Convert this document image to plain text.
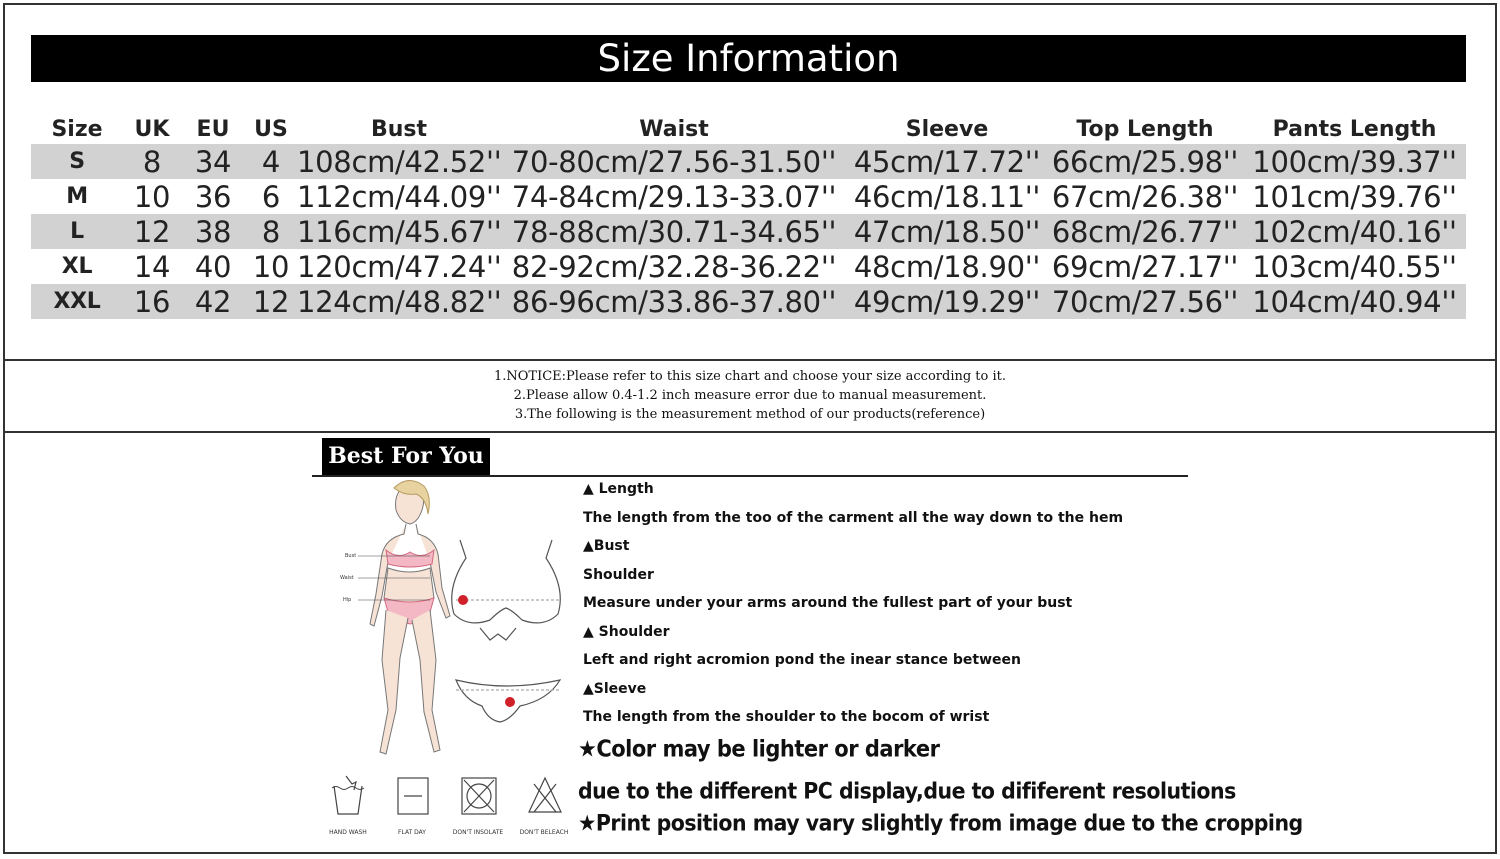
Size Information
Size	UK	EU	US	Bust	Waist	Sleeve	Top Length	Pants Length
S	8	34	4	108cm/42.52''	70-80cm/27.56-31.50''	45cm/17.72''	66cm/25.98''	100cm/39.37''
M	10	36	6	112cm/44.09''	74-84cm/29.13-33.07''	46cm/18.11''	67cm/26.38''	101cm/39.76''
L	12	38	8	116cm/45.67''	78-88cm/30.71-34.65''	47cm/18.50''	68cm/26.77''	102cm/40.16''
XL	14	40	10	120cm/47.24''	82-92cm/32.28-36.22''	48cm/18.90''	69cm/27.17''	103cm/40.55''
XXL	16	42	12	124cm/48.82''	86-96cm/33.86-37.80''	49cm/19.29''	70cm/27.56''	104cm/40.94''
1.NOTICE:Please refer to this size chart and choose your size according to it.
2.Please allow 0.4-1.2 inch measure error due to manual measurement.
3.The following is the measurement method of our products(reference)
Best For You
Bust
Waist
Hip
▲ Length
The length from the too of the carment all the way down to the hem
▲Bust
Shoulder
Measure under your arms around the fullest part of your bust
▲ Shoulder
Left and right acromion pond the inear stance between
▲Sleeve
The length from the shoulder to the bocom of wrist
★Color may be lighter or darker
due to the different PC display,due to dififerent resolutions
★Print position may vary slightly from image due to the cropping
HAND WASH	FLAT DAY	DON'T INSOLATE	DON'T BELEACH
